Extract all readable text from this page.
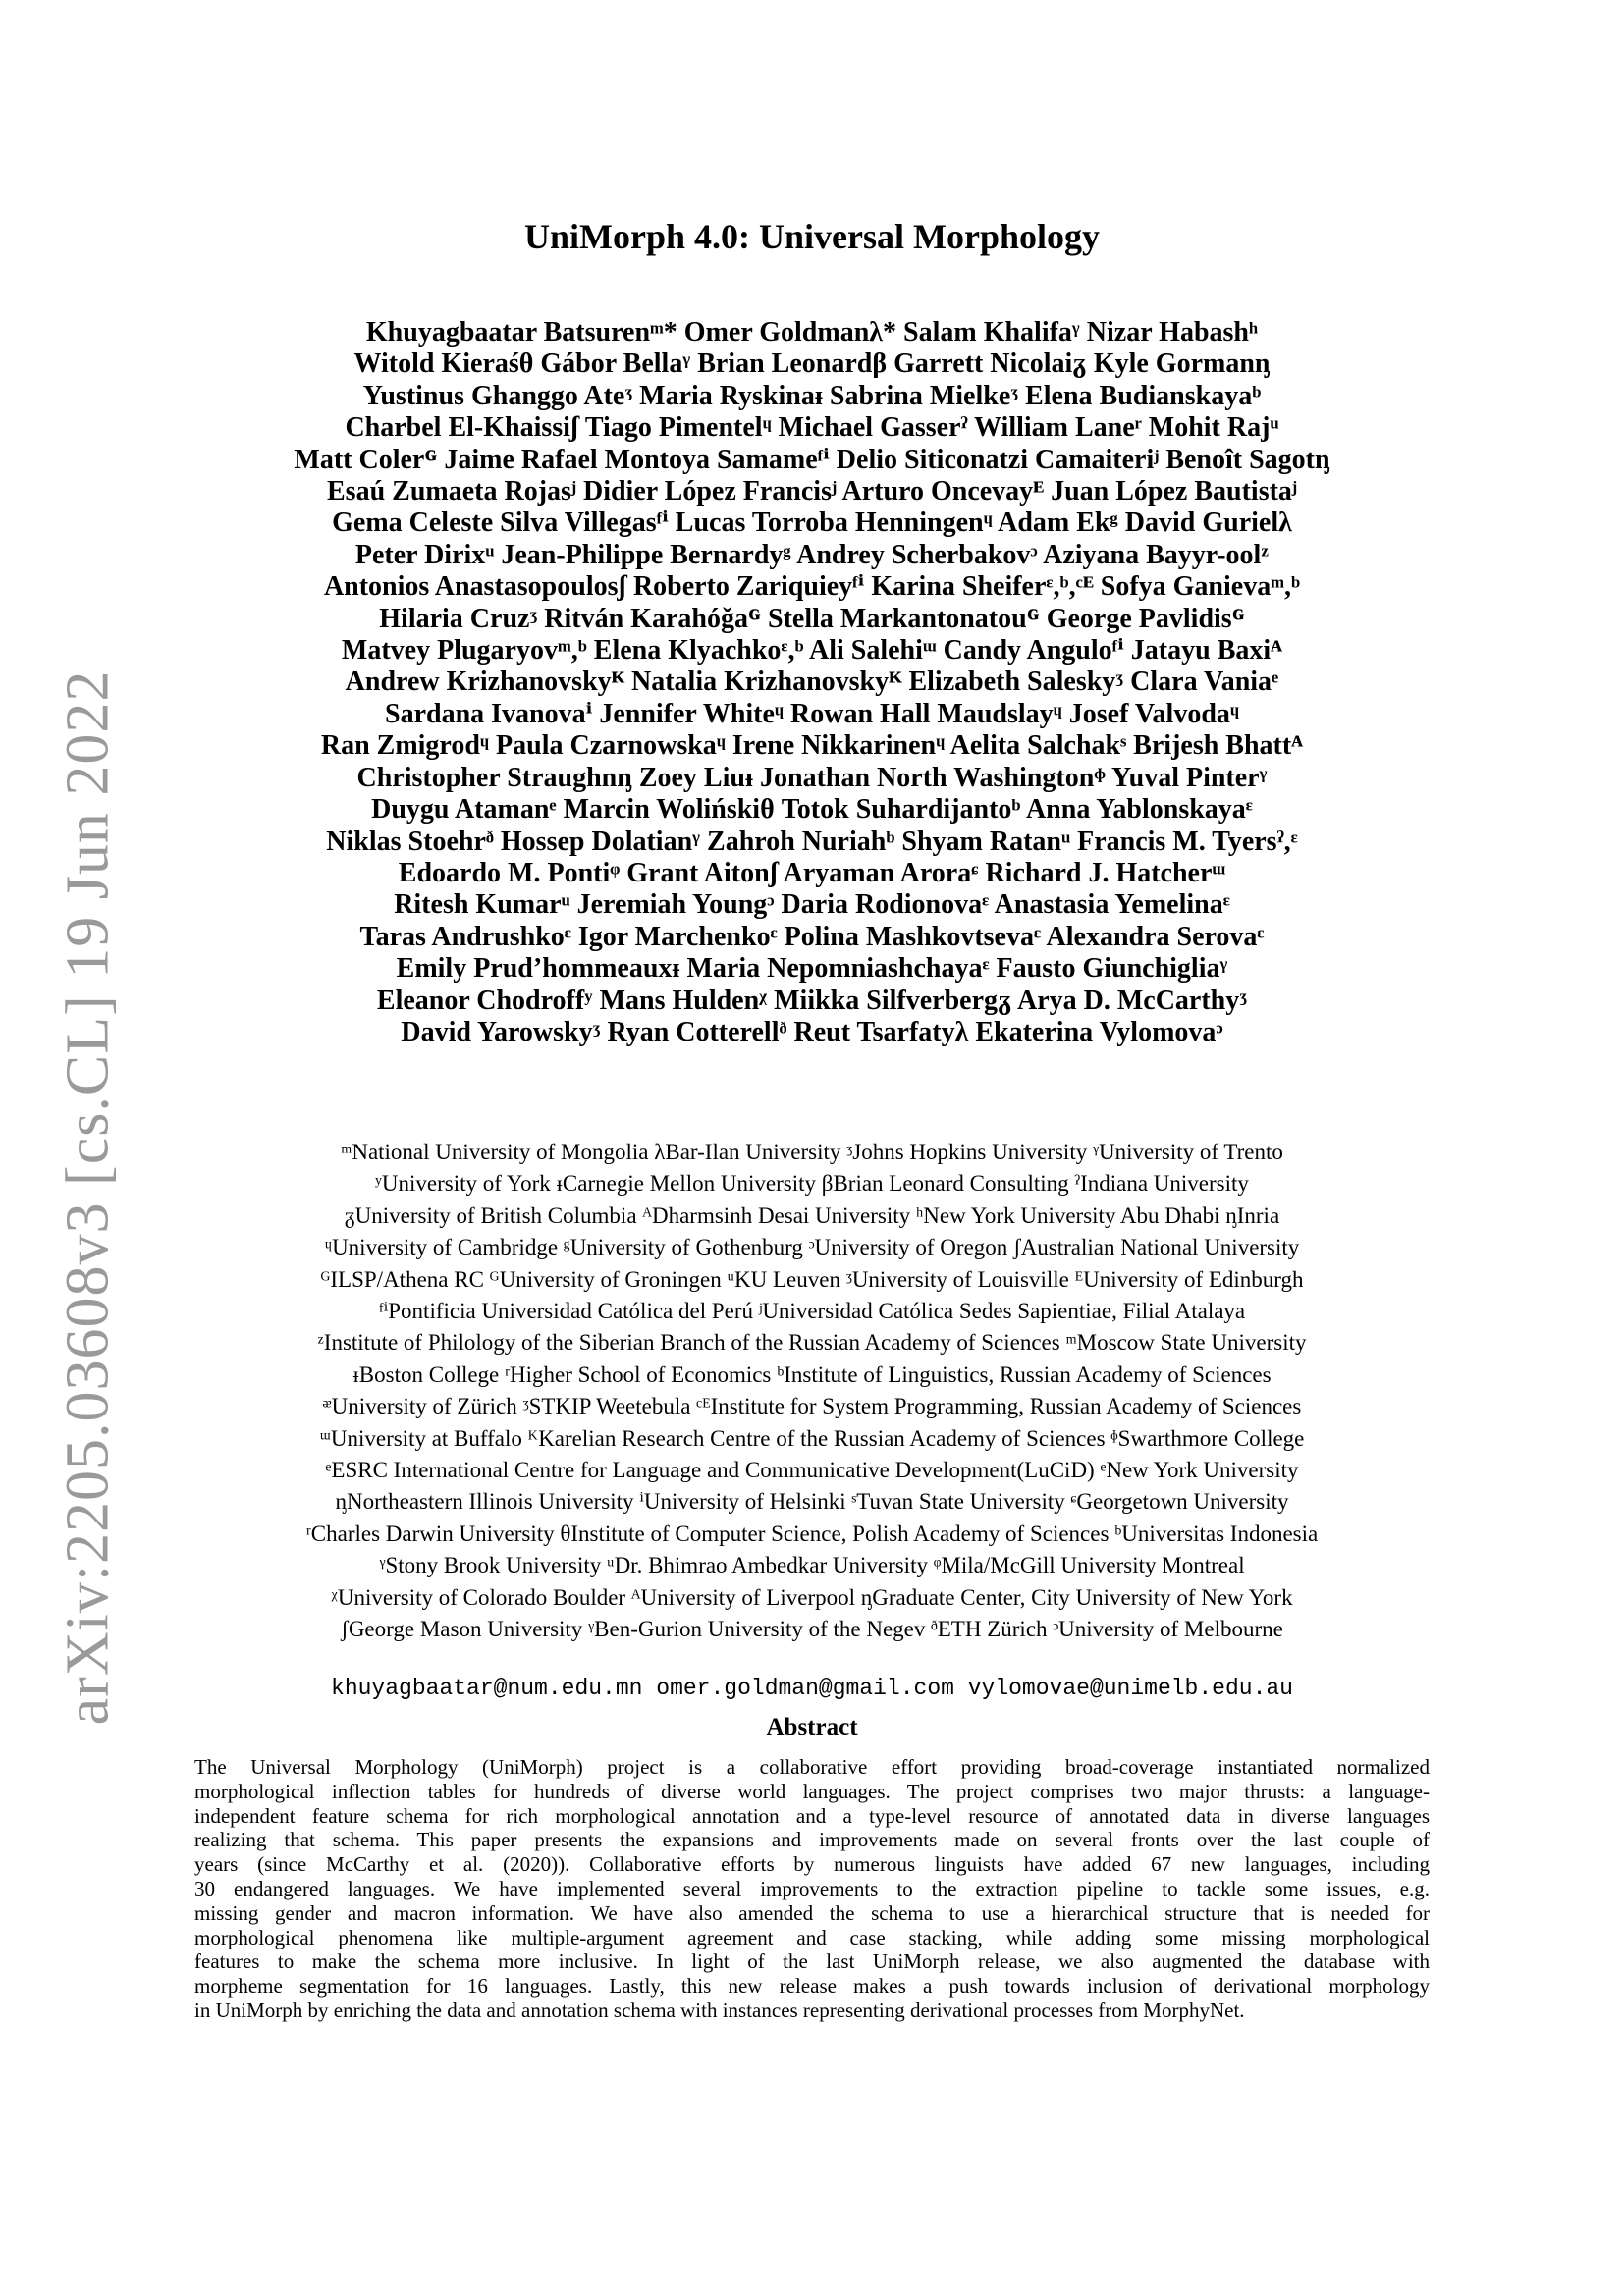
arXiv:2205.03608v3 [cs.CL] 19 Jun 2022
UniMorph 4.0: Universal Morphology
Khuyagbaatar Batsurenᵐ* Omer Goldmanλ* Salam Khalifaᵞ Nizar Habashʰ
Witold Kieraśθ Gábor Bellaᵞ Brian Leonardβ Garrett Nicolaiᵹ Kyle Gormanᶇ
Yustinus Ghanggo Ateᶾ Maria Ryskinaᵻ Sabrina Mielkeᶾ Elena Budianskayaᵇ
Charbel El-Khaissiʃ Tiago Pimentelᶣ Michael Gasserˀ William Laneʳ Mohit Rajᵘ
Matt Colerᴳ Jaime Rafael Montoya Samameᶠⁱ Delio Siticonatzi Camaiteriʲ Benoît Sagotᶇ
Esaú Zumaeta Rojasʲ Didier López Francisʲ Arturo Oncevayᴱ Juan López Bautistaʲ
Gema Celeste Silva Villegasᶠⁱ Lucas Torroba Henningenᶣ Adam Ekᵍ David Gurielλ
Peter Dirixᵘ Jean-Philippe Bernardyᵍ Andrey Scherbakovᵓ Aziyana Bayyr-oolᶻ
Antonios Anastasopoulosʃ Roberto Zariquieyᶠⁱ Karina Sheiferᵋ,ᵇ,ᶜᴱ Sofya Ganievaᵐ,ᵇ
Hilaria Cruzᶾ Ritván Karahóǧaᴳ Stella Markantonatouᴳ George Pavlidisᴳ
Matvey Plugaryovᵐ,ᵇ Elena Klyachkoᵋ,ᵇ Ali Salehiᵚ Candy Anguloᶠⁱ Jatayu Baxiᴬ
Andrew Krizhanovskyᴷ Natalia Krizhanovskyᴷ Elizabeth Saleskyᶾ Clara Vaniaᵉ
Sardana Ivanovaⁱ Jennifer Whiteᶣ Rowan Hall Maudslayᶣ Josef Valvodaᶣ
Ran Zmigrodᶣ Paula Czarnowskaᶣ Irene Nikkarinenᶣ Aelita Salchakˢ Brijesh Bhattᴬ
Christopher Straughnᶇ Zoey Liuᵻ Jonathan North Washingtonᶲ Yuval Pinterᵞ
Duygu Atamanᵉ Marcin Wolińskiθ Totok Suhardijantoᵇ Anna Yablonskayaᵋ
Niklas Stoehrᶞ Hossep Dolatianᵞ Zahroh Nuriahᵇ Shyam Ratanᵘ Francis M. Tyersˀ,ᵋ
Edoardo M. Pontiᵠ Grant Aitonʃ Aryaman Aroraᶝ Richard J. Hatcherᵚ
Ritesh Kumarᵘ Jeremiah Youngᵓ Daria Rodionovaᵋ Anastasia Yemelinaᵋ
Taras Andrushkoᵋ Igor Marchenkoᵋ Polina Mashkovtsevaᵋ Alexandra Serovaᵋ
Emily Prud’hommeauxᵻ Maria Nepomniashchayaᵋ Fausto Giunchigliaᵞ
Eleanor Chodroffʸ Mans Huldenᵡ Miikka Silfverbergᵹ Arya D. McCarthyᶾ
David Yarowskyᶾ Ryan Cotterellᶞ Reut Tsarfatyλ Ekaterina Vylomovaᵓ
ᵐNational University of Mongolia λBar-Ilan University ᶾJohns Hopkins University ᵞUniversity of Trento
ʸUniversity of York ᵻCarnegie Mellon University βBrian Leonard Consulting ˀIndiana University
ᵹUniversity of British Columbia ᴬDharmsinh Desai University ʰNew York University Abu Dhabi ᶇInria
ᶣUniversity of Cambridge ᵍUniversity of Gothenburg ᵓUniversity of Oregon ʃAustralian National University
ᴳILSP/Athena RC ᴳUniversity of Groningen ᵘKU Leuven ᶾUniversity of Louisville ᴱUniversity of Edinburgh
ᶠⁱPontificia Universidad Católica del Perú ʲUniversidad Católica Sedes Sapientiae, Filial Atalaya
ᶻInstitute of Philology of the Siberian Branch of the Russian Academy of Sciences ᵐMoscow State University
ᵻBoston College ʳHigher School of Economics ᵇInstitute of Linguistics, Russian Academy of Sciences
ᵆUniversity of Zürich ᶾSTKIP Weetebula ᶜᴱInstitute for System Programming, Russian Academy of Sciences
ᵚUniversity at Buffalo ᴷKarelian Research Centre of the Russian Academy of Sciences ᶲSwarthmore College
ᵉESRC International Centre for Language and Communicative Development(LuCiD) ᵉNew York University
ᶇNortheastern Illinois University ⁱUniversity of Helsinki ˢTuvan State University ᶝGeorgetown University
ʳCharles Darwin University θInstitute of Computer Science, Polish Academy of Sciences ᵇUniversitas Indonesia
ᵞStony Brook University ᵘDr. Bhimrao Ambedkar University ᵠMila/McGill University Montreal
ᵡUniversity of Colorado Boulder ᴬUniversity of Liverpool ᶇGraduate Center, City University of New York
ʃGeorge Mason University ᵞBen-Gurion University of the Negev ᶞETH Zürich ᵓUniversity of Melbourne
khuyagbaatar@num.edu.mn omer.goldman@gmail.com vylomovae@unimelb.edu.au
Abstract
The Universal Morphology (UniMorph) project is a collaborative effort providing broad-coverage instantiated normalized
morphological inflection tables for hundreds of diverse world languages. The project comprises two major thrusts: a language-
independent feature schema for rich morphological annotation and a type-level resource of annotated data in diverse languages
realizing that schema. This paper presents the expansions and improvements made on several fronts over the last couple of
years (since McCarthy et al. (2020)). Collaborative efforts by numerous linguists have added 67 new languages, including
30 endangered languages. We have implemented several improvements to the extraction pipeline to tackle some issues, e.g.
missing gender and macron information. We have also amended the schema to use a hierarchical structure that is needed for
morphological phenomena like multiple-argument agreement and case stacking, while adding some missing morphological
features to make the schema more inclusive. In light of the last UniMorph release, we also augmented the database with
morpheme segmentation for 16 languages. Lastly, this new release makes a push towards inclusion of derivational morphology
in UniMorph by enriching the data and annotation schema with instances representing derivational processes from MorphyNet.
